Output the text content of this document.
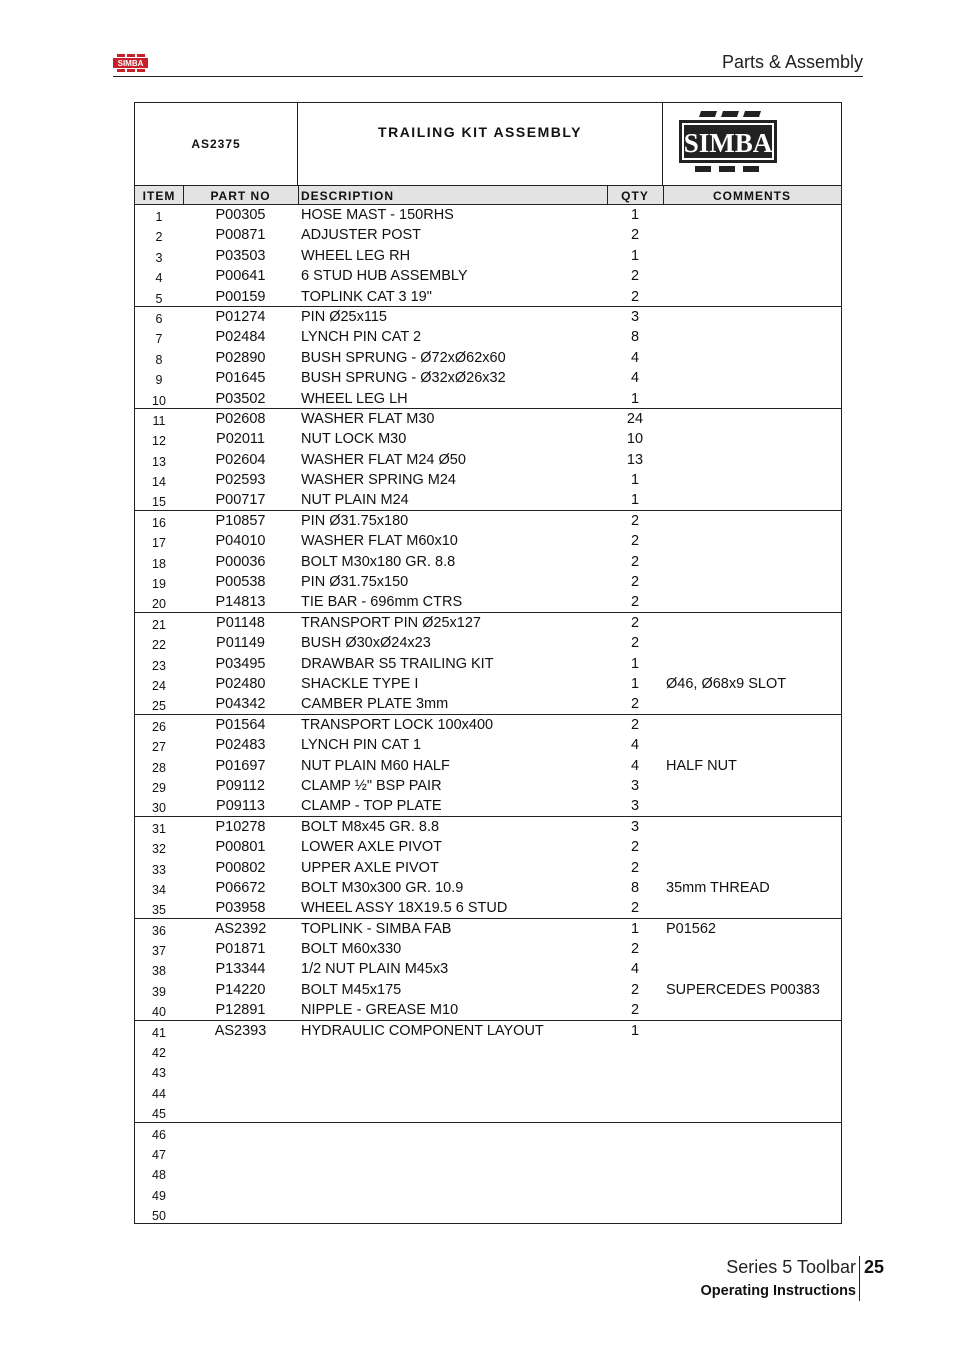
SIMBA	Parts & Assembly
AS2375
TRAILING KIT ASSEMBLY	SIMBA
ITEM	PART NO	DESCRIPTION	QTY	COMMENTS
1	P00305	HOSE MAST - 150RHS	1
2	P00871	ADJUSTER POST	2
3	P03503	WHEEL LEG RH	1
4	P00641	6 STUD HUB ASSEMBLY	2
5	P00159	TOPLINK CAT 3 19"	2
6	P01274	PIN Ø25x115	3
7	P02484	LYNCH PIN CAT 2	8
8	P02890	BUSH SPRUNG - Ø72xØ62x60	4
9	P01645	BUSH SPRUNG - Ø32xØ26x32	4
10	P03502	WHEEL LEG LH	1
11	P02608	WASHER FLAT M30	24
12	P02011	NUT LOCK M30	10
13	P02604	WASHER FLAT M24 Ø50	13
14	P02593	WASHER SPRING M24	1
15	P00717	NUT PLAIN M24	1
16	P10857	PIN Ø31.75x180	2
17	P04010	WASHER FLAT M60x10	2
18	P00036	BOLT M30x180 GR. 8.8	2
19	P00538	PIN Ø31.75x150	2
20	P14813	TIE BAR - 696mm CTRS	2
21	P01148	TRANSPORT PIN Ø25x127	2
22	P01149	BUSH Ø30xØ24x23	2
23	P03495	DRAWBAR S5 TRAILING KIT	1
24	P02480	SHACKLE TYPE I	1	Ø46, Ø68x9 SLOT
25	P04342	CAMBER PLATE 3mm	2
26	P01564	TRANSPORT LOCK 100x400	2
27	P02483	LYNCH PIN CAT 1	4
28	P01697	NUT PLAIN M60 HALF	4	HALF NUT
29	P09112	CLAMP ½" BSP PAIR	3
30	P09113	CLAMP - TOP PLATE	3
31	P10278	BOLT M8x45 GR. 8.8	3
32	P00801	LOWER AXLE PIVOT	2
33	P00802	UPPER AXLE PIVOT	2
34	P06672	BOLT M30x300 GR. 10.9	8	35mm THREAD
35	P03958	WHEEL ASSY 18X19.5 6 STUD	2
36	AS2392	TOPLINK - SIMBA FAB	1	P01562
37	P01871	BOLT M60x330	2
38	P13344	1/2 NUT PLAIN M45x3	4
39	P14220	BOLT M45x175	2	SUPERCEDES P00383
40	P12891	NIPPLE - GREASE M10	2
41	AS2393	HYDRAULIC COMPONENT LAYOUT	1
42
43
44
45
46
47
48
49
50
Series 5 Toolbar 25
Operating Instructions
